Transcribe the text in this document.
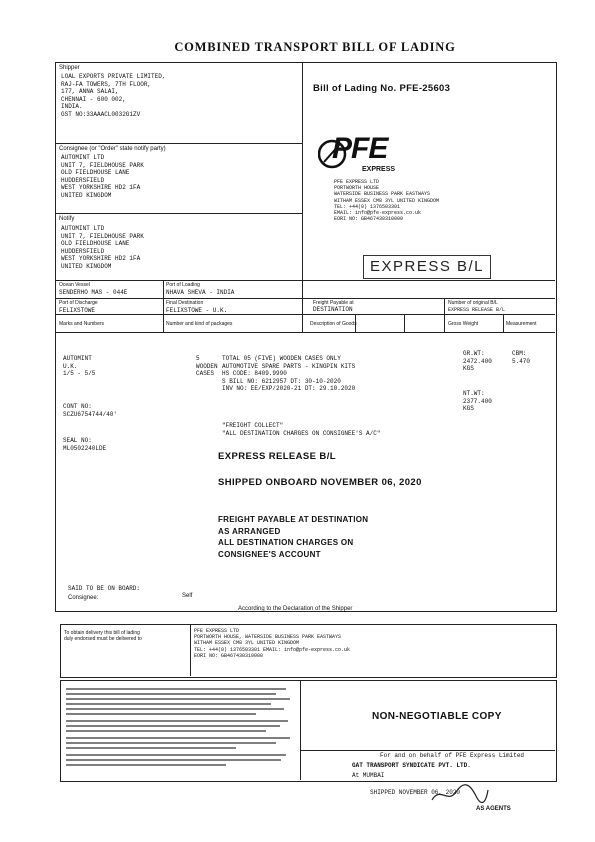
COMBINED TRANSPORT BILL OF LADING
Shipper
LOAL EXPORTS PRIVATE LIMITED,
RAJ-FA TOWERS, 7TH FLOOR,
177, ANNA SALAI,
CHENNAI - 600 002,
INDIA.
GST NO:33AAACL0032G1ZV
Bill of Lading No. PFE-25603
Consignee (or "Order" state notify party)
AUTOMINT LTD
UNIT 7, FIELDHOUSE PARK
OLD FIELDHOUSE LANE
HUDDERSFIELD
WEST YORKSHIRE HD2 1FA
UNITED KINGDOM
Notify
AUTOMINT LTD
UNIT 7, FIELDHOUSE PARK
OLD FIELDHOUSE LANE
HUDDERSFIELD
WEST YORKSHIRE HD2 1FA
UNITED KINGDOM
PFE
EXPRESS
PFE EXPRESS LTD
PORTWORTH HOUSE
WATERSIDE BUSINESS PARK EASTWAYS
WITHAM ESSEX CM8 3YL UNITED KINGDOM
TEL: +44(0) 1376503301
EMAIL: info@pfe-express.co.uk
EORI NO: GB467430310000
EXPRESS B/L
Ocean Vessel
SENDERHO MAS - 044E
Port of Loading
NHAVA SHEVA - INDIA
Port of Discharge
FELIXSTOWE
Final Destination
FELIXSTOWE - U.K.
Freight Payable at
DESTINATION
Number of original B/L
EXPRESS RELEASE B/L
Marks and Numbers	Number and kind of packages	Description of Goods	Gross Weight	Measurement
AUTOMINT
U.K.
1/5 - 5/5
5
WOODEN
CASES
TOTAL 05 (FIVE) WOODEN CASES ONLY
AUTOMOTIVE SPARE PARTS - KINGPIN KITS
HS CODE: 8409.9990
S BILL NO: 6212957 DT: 30-10-2020
INV NO: EE/EXP/2020-21 DT: 29.10.2020
"FREIGHT COLLECT"
"ALL DESTINATION CHARGES ON CONSIGNEE'S A/C"
GR.WT:
2472.400
KGS
CBM:
5.470
NT.WT:
2377.400
KGS
CONT NO:
SCZU6754744/40'
SEAL NO:
ML0502240LDE
EXPRESS RELEASE B/L
SHIPPED ONBOARD NOVEMBER 06, 2020
FREIGHT PAYABLE AT DESTINATION
AS ARRANGED
ALL DESTINATION CHARGES ON
CONSIGNEE'S ACCOUNT
SAID TO BE ON BOARD:
Consignee:	Self
According to the Declaration of the Shipper
To obtain delivery this bill of lading
duly endorsed must be delivered to
PFE EXPRESS LTD
PORTWORTH HOUSE, WATERSIDE BUSINESS PARK EASTWAYS
WITHAM ESSEX CM8 3YL UNITED KINGDOM
TEL: +44(0) 1376503301 EMAIL: info@pfe-express.co.uk
EORI NO: GB467430310000
NON-NEGOTIABLE COPY
For and on behalf of PFE Express Limited
GAT TRANSPORT SYNDICATE PVT. LTD.
At MUMBAI
SHIPPED NOVEMBER 06, 2020
AS AGENTS
